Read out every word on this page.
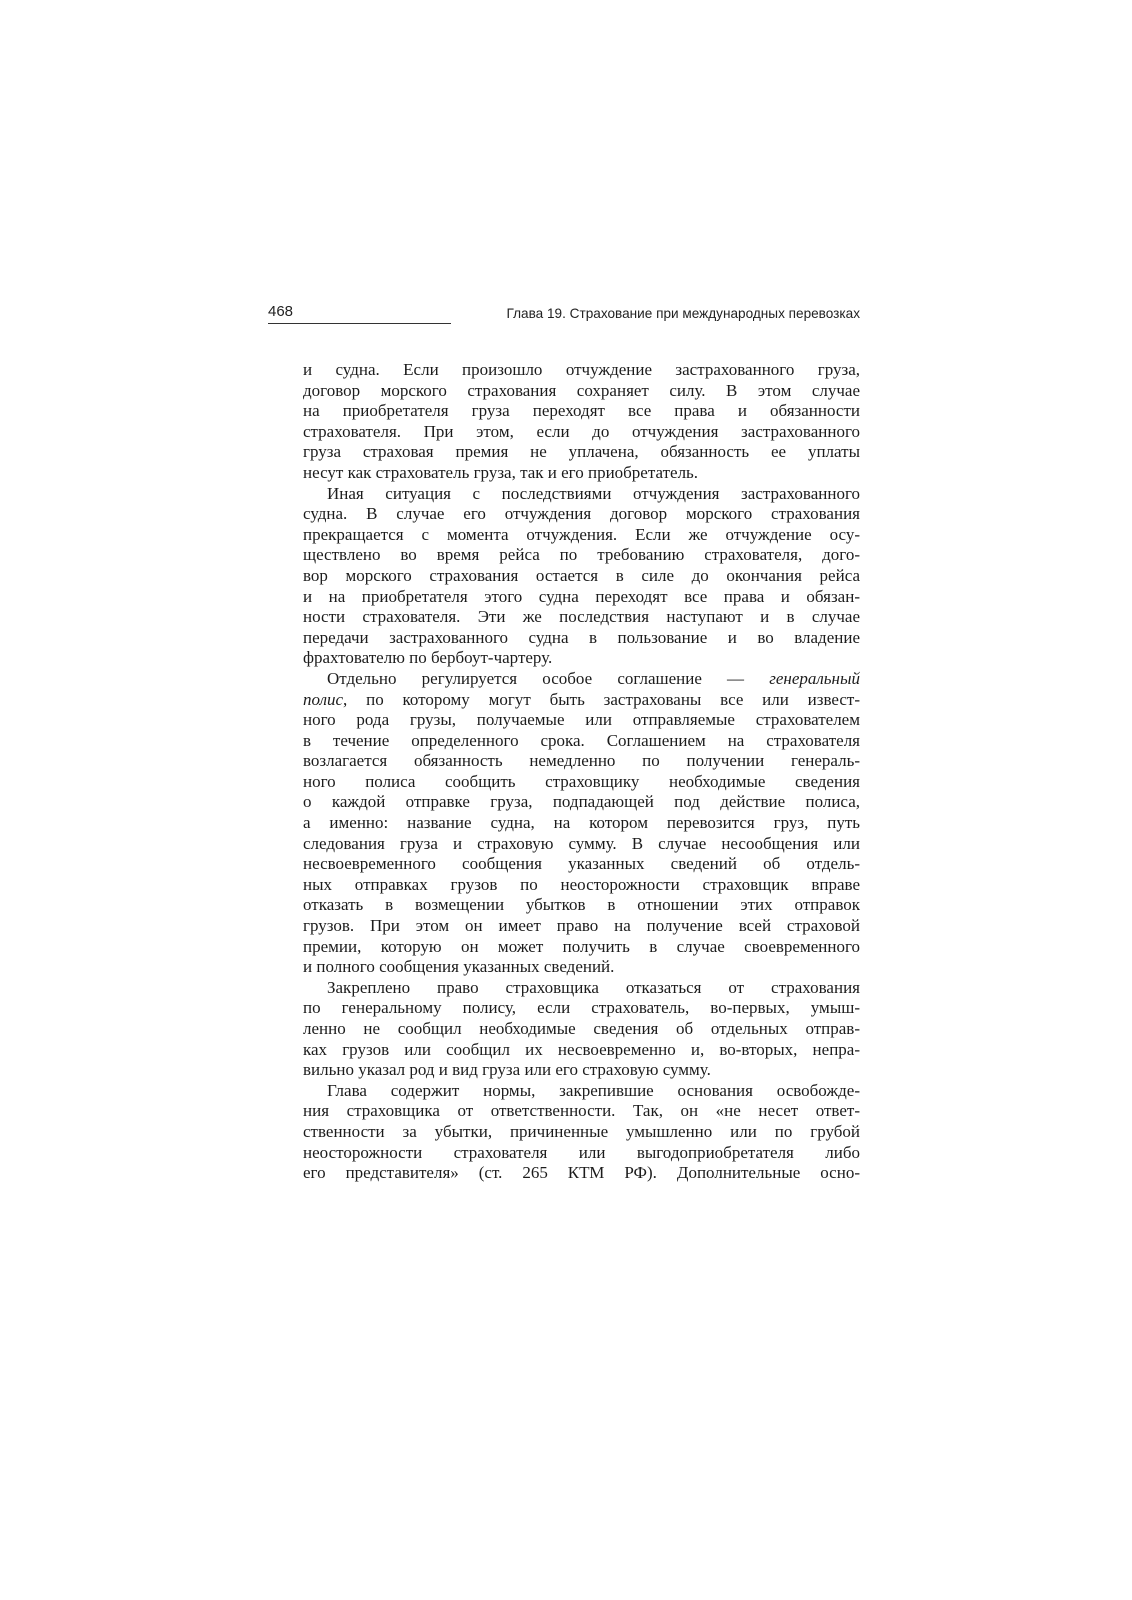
468	Глава 19. Страхование при международных перевозках
и судна. Если произошло отчуждение застрахованного груза,
договор морского страхования сохраняет силу. В этом случае
на приобретателя груза переходят все права и обязанности
страхователя. При этом, если до отчуждения застрахованного
груза страховая премия не уплачена, обязанность ее уплаты
несут как страхователь груза, так и его приобретатель.
Иная ситуация с последствиями отчуждения застрахованного
судна. В случае его отчуждения договор морского страхования
прекращается с момента отчуждения. Если же отчуждение осу-
ществлено во время рейса по требованию страхователя, дого-
вор морского страхования остается в силе до окончания рейса
и на приобретателя этого судна переходят все права и обязан-
ности страхователя. Эти же последствия наступают и в случае
передачи застрахованного судна в пользование и во владение
фрахтователю по бербоут-чартеру.
Отдельно регулируется особое соглашение — генеральный
полис, по которому могут быть застрахованы все или извест-
ного рода грузы, получаемые или отправляемые страхователем
в течение определенного срока. Соглашением на страхователя
возлагается обязанность немедленно по получении генераль-
ного полиса сообщить страховщику необходимые сведения
о каждой отправке груза, подпадающей под действие полиса,
а именно: название судна, на котором перевозится груз, путь
следования груза и страховую сумму. В случае несообщения или
несвоевременного сообщения указанных сведений об отдель-
ных отправках грузов по неосторожности страховщик вправе
отказать в возмещении убытков в отношении этих отправок
грузов. При этом он имеет право на получение всей страховой
премии, которую он может получить в случае своевременного
и полного сообщения указанных сведений.
Закреплено право страховщика отказаться от страхования
по генеральному полису, если страхователь, во-первых, умыш-
ленно не сообщил необходимые сведения об отдельных отправ-
ках грузов или сообщил их несвоевременно и, во-вторых, непра-
вильно указал род и вид груза или его страховую сумму.
Глава содержит нормы, закрепившие основания освобожде-
ния страховщика от ответственности. Так, он «не несет ответ-
ственности за убытки, причиненные умышленно или по грубой
неосторожности страхователя или выгодоприобретателя либо
его представителя» (ст. 265 КТМ РФ). Дополнительные осно-
